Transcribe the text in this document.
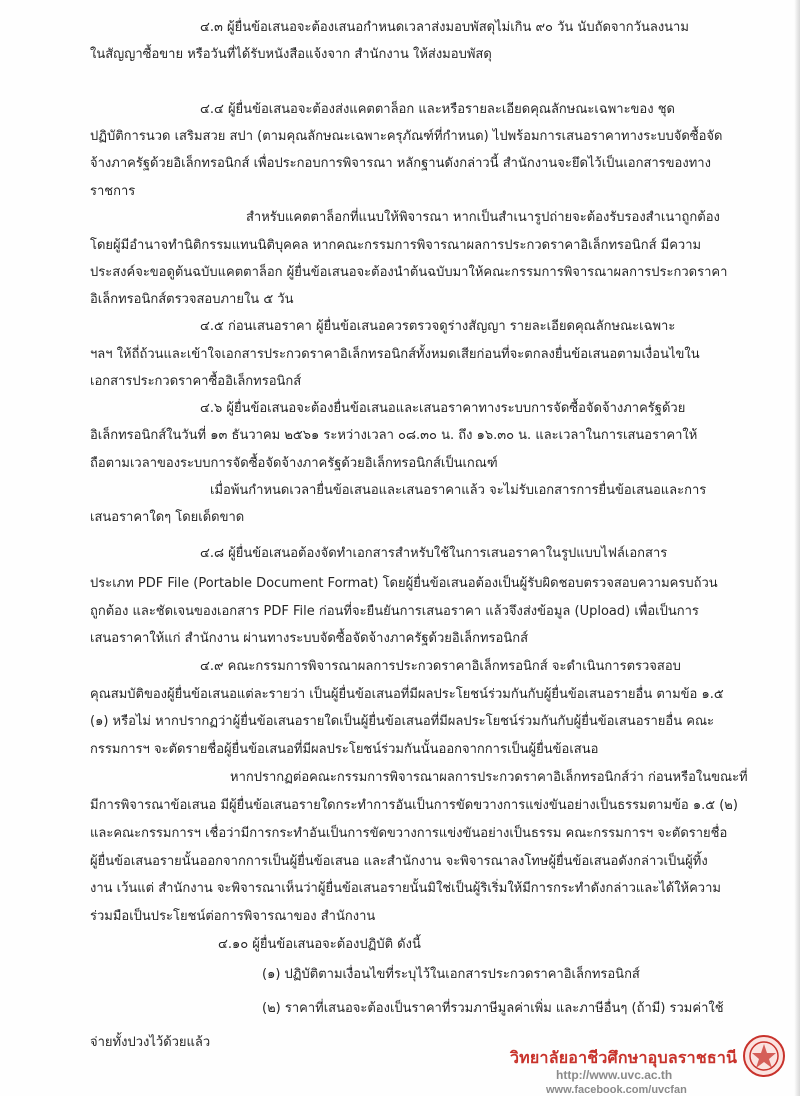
๔.๓ ผู้ยื่นข้อเสนอจะต้องเสนอกำหนดเวลาส่งมอบพัสดุไม่เกิน ๙๐ วัน นับถัดจากวันลงนาม
ในสัญญาซื้อขาย หรือวันที่ได้รับหนังสือแจ้งจาก สำนักงาน ให้ส่งมอบพัสดุ
๔.๔ ผู้ยื่นข้อเสนอจะต้องส่งแคตตาล็อก และหรือรายละเอียดคุณลักษณะเฉพาะของ ชุด
ปฏิบัติการนวด เสริมสวย สปา (ตามคุณลักษณะเฉพาะครุภัณฑ์ที่กำหนด) ไปพร้อมการเสนอราคาทางระบบจัดซื้อจัด
จ้างภาครัฐด้วยอิเล็กทรอนิกส์ เพื่อประกอบการพิจารณา หลักฐานดังกล่าวนี้ สำนักงานจะยึดไว้เป็นเอกสารของทาง
ราชการ
สำหรับแคตตาล็อกที่แนบให้พิจารณา หากเป็นสำเนารูปถ่ายจะต้องรับรองสำเนาถูกต้อง
โดยผู้มีอำนาจทำนิติกรรมแทนนิติบุคคล หากคณะกรรมการพิจารณาผลการประกวดราคาอิเล็กทรอนิกส์ มีความ
ประสงค์จะขอดูต้นฉบับแคตตาล็อก ผู้ยื่นข้อเสนอจะต้องนำต้นฉบับมาให้คณะกรรมการพิจารณาผลการประกวดราคา
อิเล็กทรอนิกส์ตรวจสอบภายใน ๕ วัน
๔.๕ ก่อนเสนอราคา ผู้ยื่นข้อเสนอควรตรวจดูร่างสัญญา รายละเอียดคุณลักษณะเฉพาะ
ฯลฯ ให้ถี่ถ้วนและเข้าใจเอกสารประกวดราคาอิเล็กทรอนิกส์ทั้งหมดเสียก่อนที่จะตกลงยื่นข้อเสนอตามเงื่อนไขใน
เอกสารประกวดราคาซื้ออิเล็กทรอนิกส์
๔.๖ ผู้ยื่นข้อเสนอจะต้องยื่นข้อเสนอและเสนอราคาทางระบบการจัดซื้อจัดจ้างภาครัฐด้วย
อิเล็กทรอนิกส์ในวันที่ ๑๓ ธันวาคม ๒๕๖๑ ระหว่างเวลา ๐๘.๓๐ น. ถึง ๑๖.๓๐ น. และเวลาในการเสนอราคาให้
ถือตามเวลาของระบบการจัดซื้อจัดจ้างภาครัฐด้วยอิเล็กทรอนิกส์เป็นเกณฑ์
เมื่อพ้นกำหนดเวลายื่นข้อเสนอและเสนอราคาแล้ว จะไม่รับเอกสารการยื่นข้อเสนอและการ
เสนอราคาใดๆ โดยเด็ดขาด
๔.๘ ผู้ยื่นข้อเสนอต้องจัดทำเอกสารสำหรับใช้ในการเสนอราคาในรูปแบบไฟล์เอกสาร
ประเภท PDF File (Portable Document Format) โดยผู้ยื่นข้อเสนอต้องเป็นผู้รับผิดชอบตรวจสอบความครบถ้วน
ถูกต้อง และชัดเจนของเอกสาร PDF File ก่อนที่จะยืนยันการเสนอราคา แล้วจึงส่งข้อมูล (Upload) เพื่อเป็นการ
เสนอราคาให้แก่ สำนักงาน ผ่านทางระบบจัดซื้อจัดจ้างภาครัฐด้วยอิเล็กทรอนิกส์
๔.๙ คณะกรรมการพิจารณาผลการประกวดราคาอิเล็กทรอนิกส์ จะดำเนินการตรวจสอบ
คุณสมบัติของผู้ยื่นข้อเสนอแต่ละรายว่า เป็นผู้ยื่นข้อเสนอที่มีผลประโยชน์ร่วมกันกับผู้ยื่นข้อเสนอรายอื่น ตามข้อ ๑.๕
(๑) หรือไม่ หากปรากฏว่าผู้ยื่นข้อเสนอรายใดเป็นผู้ยื่นข้อเสนอที่มีผลประโยชน์ร่วมกันกับผู้ยื่นข้อเสนอรายอื่น คณะ
กรรมการฯ จะตัดรายชื่อผู้ยื่นข้อเสนอที่มีผลประโยชน์ร่วมกันนั้นออกจากการเป็นผู้ยื่นข้อเสนอ
หากปรากฏต่อคณะกรรมการพิจารณาผลการประกวดราคาอิเล็กทรอนิกส์ว่า ก่อนหรือในขณะที่
มีการพิจารณาข้อเสนอ มีผู้ยื่นข้อเสนอรายใดกระทำการอันเป็นการขัดขวางการแข่งขันอย่างเป็นธรรมตามข้อ ๑.๕ (๒)
และคณะกรรมการฯ เชื่อว่ามีการกระทำอันเป็นการขัดขวางการแข่งขันอย่างเป็นธรรม คณะกรรมการฯ จะตัดรายชื่อ
ผู้ยื่นข้อเสนอรายนั้นออกจากการเป็นผู้ยื่นข้อเสนอ และสำนักงาน จะพิจารณาลงโทษผู้ยื่นข้อเสนอดังกล่าวเป็นผู้ทิ้ง
งาน เว้นแต่ สำนักงาน จะพิจารณาเห็นว่าผู้ยื่นข้อเสนอรายนั้นมิใช่เป็นผู้ริเริ่มให้มีการกระทำดังกล่าวและได้ให้ความ
ร่วมมือเป็นประโยชน์ต่อการพิจารณาของ สำนักงาน
๔.๑๐ ผู้ยื่นข้อเสนอจะต้องปฏิบัติ ดังนี้
(๑) ปฏิบัติตามเงื่อนไขที่ระบุไว้ในเอกสารประกวดราคาอิเล็กทรอนิกส์
(๒) ราคาที่เสนอจะต้องเป็นราคาที่รวมภาษีมูลค่าเพิ่ม และภาษีอื่นๆ (ถ้ามี) รวมค่าใช้
จ่ายทั้งปวงไว้ด้วยแล้ว
วิทยาลัยอาชีวศึกษาอุบลราชธานี
http://www.uvc.ac.th
www.facebook.com/uvcfan
